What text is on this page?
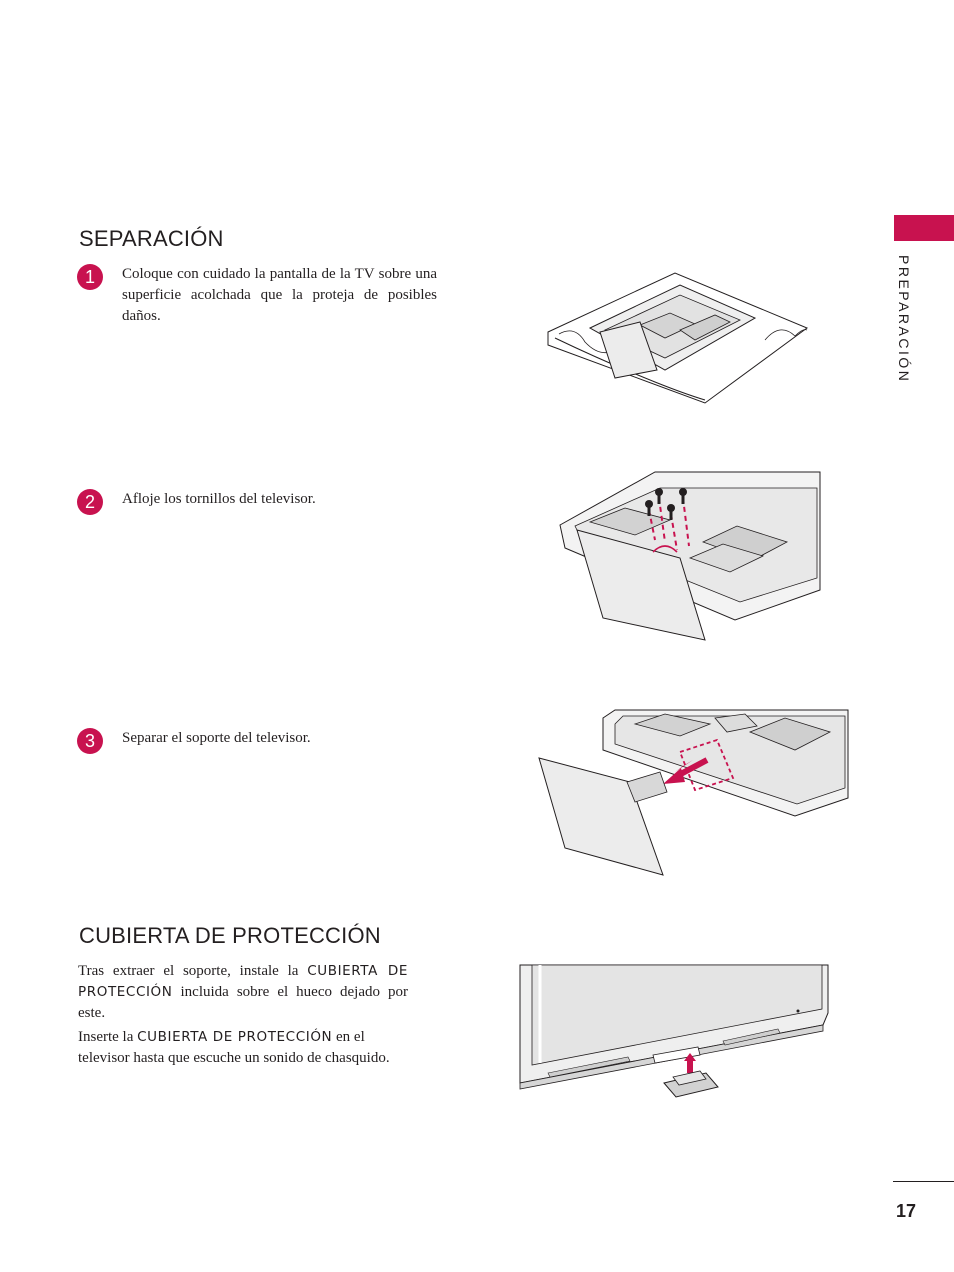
PREPARACIÓN
SEPARACIÓN
1	Coloque con cuidado la pantalla de la TV sobre una superficie acolchada que la proteja de posibles daños.
2	Afloje los tornillos del televisor.
3	Separar el soporte del televisor.
CUBIERTA DE PROTECCIÓN

Tras extraer el soporte, instale la CUBIERTA DE PROTECCIÓN incluida sobre el hueco dejado por este.

Inserte la CUBIERTA DE PROTECCIÓN en el televisor hasta que escuche un sonido de chasquido.

17
